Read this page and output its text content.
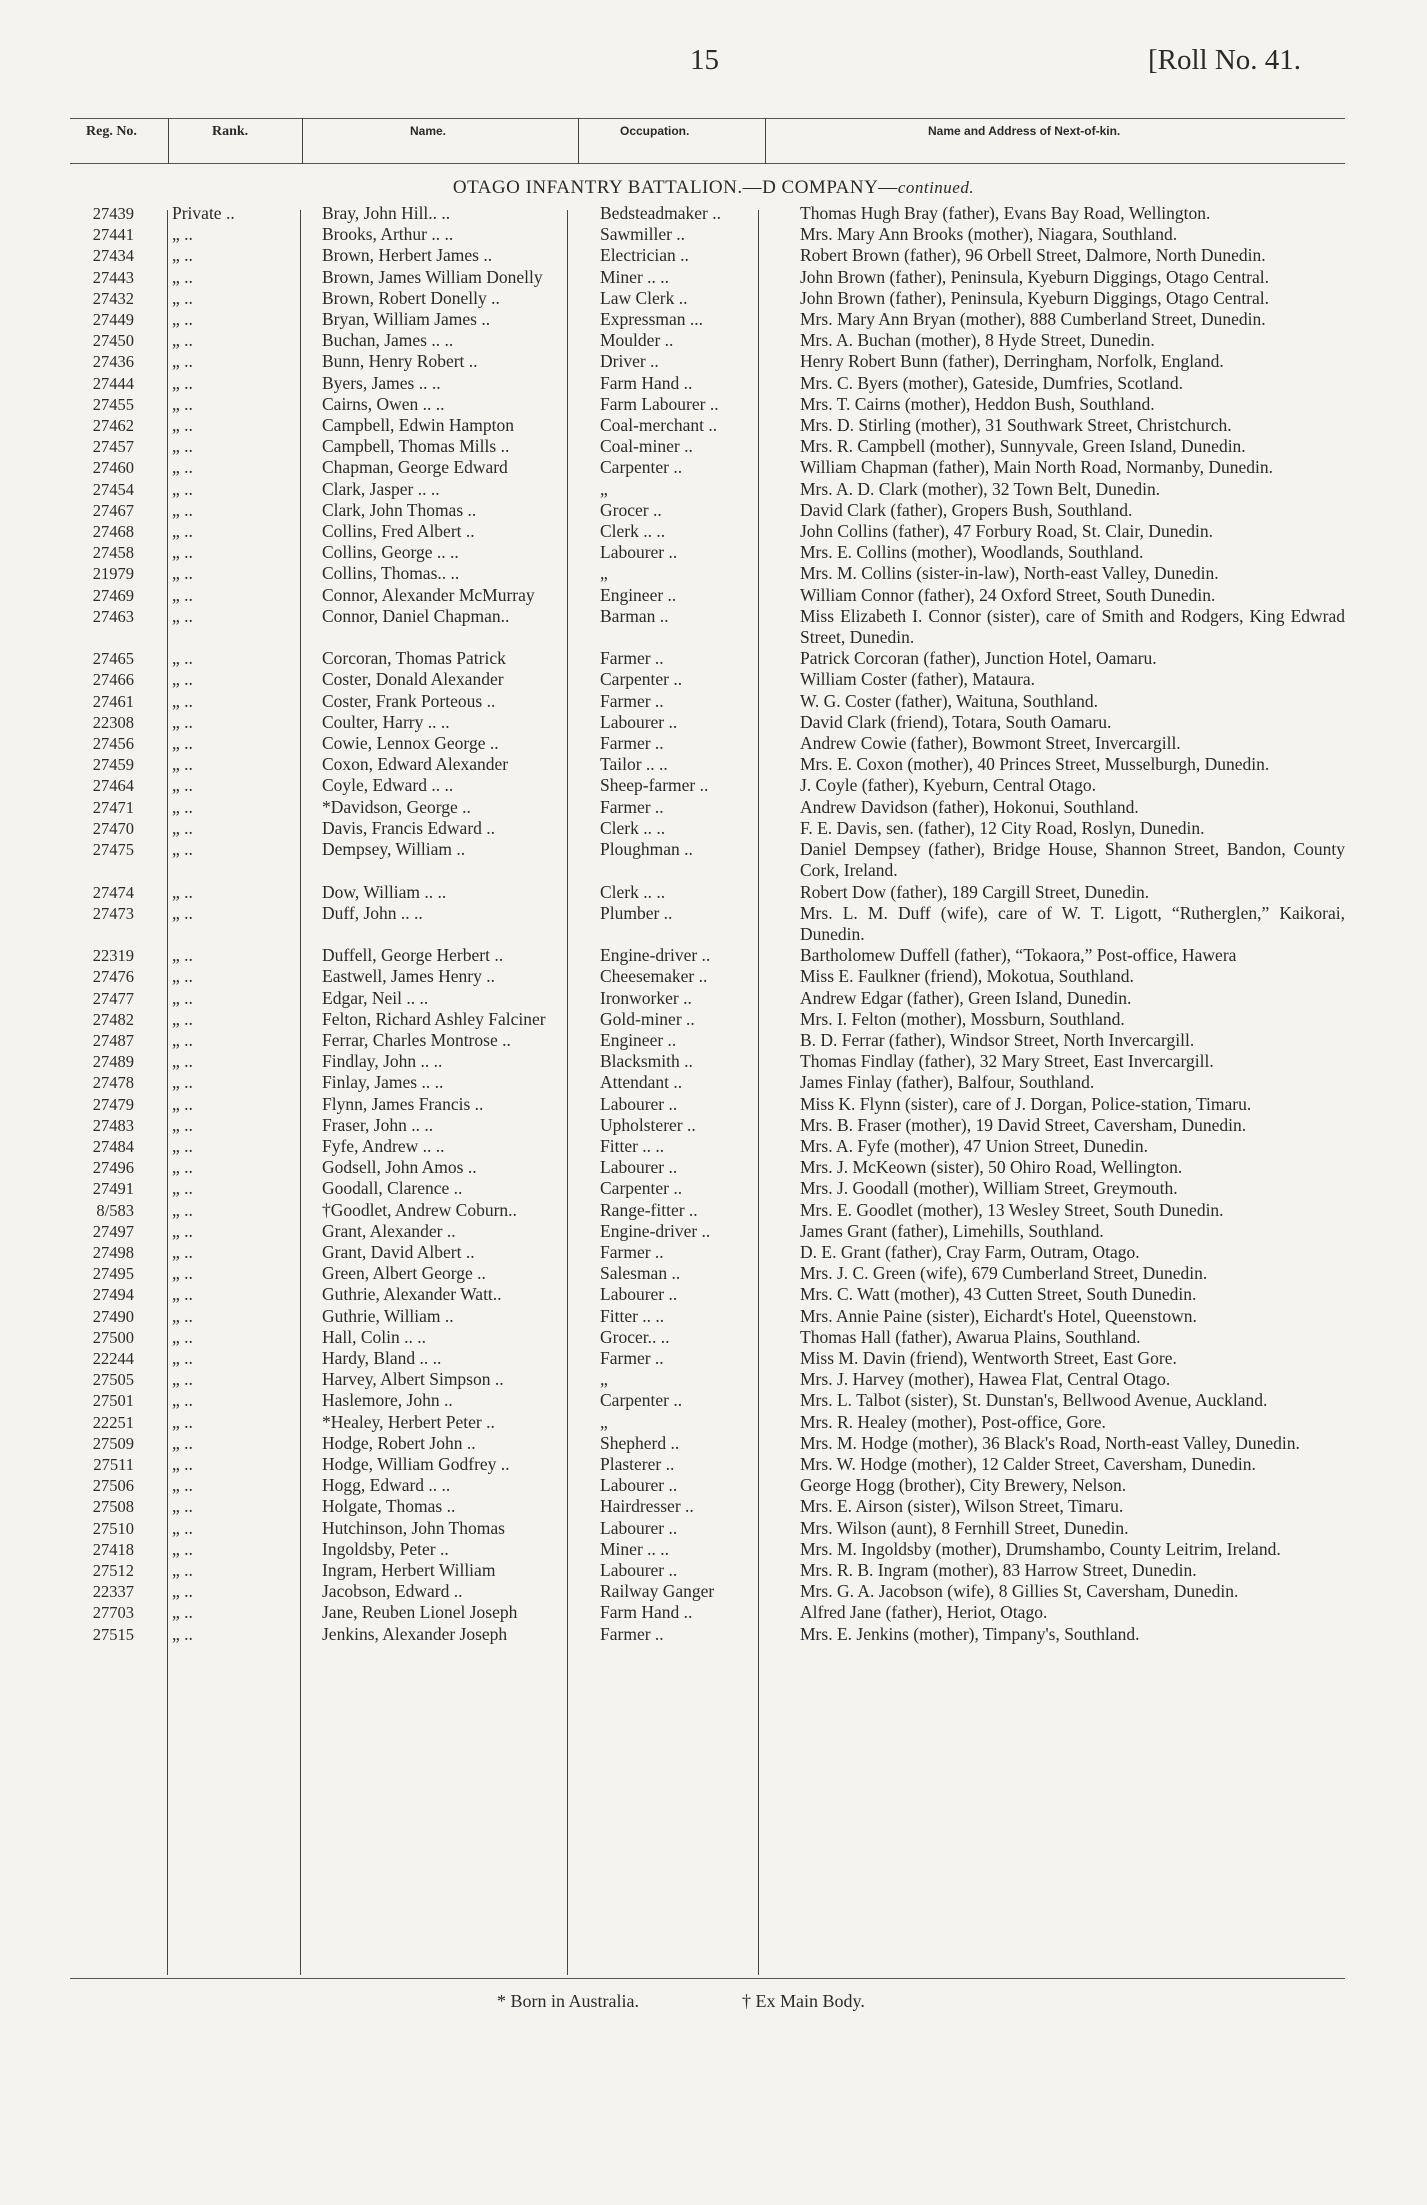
15	[Roll No. 41.
Reg. No.	Rank.	Name.	Occupation.	Name and Address of Next-of-kin.
OTAGO INFANTRY BATTALION.—D COMPANY—continued.
27439	Private ..	Bray, John Hill.. ..	Bedsteadmaker ..	Thomas Hugh Bray (father), Evans Bay Road, Wellington.
27441	„ ..	Brooks, Arthur .. ..	Sawmiller ..	Mrs. Mary Ann Brooks (mother), Niagara, Southland.
27434	„ ..	Brown, Herbert James ..	Electrician ..	Robert Brown (father), 96 Orbell Street, Dalmore, North Dunedin.
27443	„ ..	Brown, James William Donelly	Miner .. ..	John Brown (father), Peninsula, Kyeburn Diggings, Otago Central.
27432	„ ..	Brown, Robert Donelly ..	Law Clerk ..	John Brown (father), Peninsula, Kyeburn Diggings, Otago Central.
27449	„ ..	Bryan, William James ..	Expressman ...	Mrs. Mary Ann Bryan (mother), 888 Cumberland Street, Dunedin.
27450	„ ..	Buchan, James .. ..	Moulder ..	Mrs. A. Buchan (mother), 8 Hyde Street, Dunedin.
27436	„ ..	Bunn, Henry Robert ..	Driver ..	Henry Robert Bunn (father), Derringham, Norfolk, England.
27444	„ ..	Byers, James .. ..	Farm Hand ..	Mrs. C. Byers (mother), Gateside, Dumfries, Scotland.
27455	„ ..	Cairns, Owen .. ..	Farm Labourer ..	Mrs. T. Cairns (mother), Heddon Bush, Southland.
27462	„ ..	Campbell, Edwin Hampton	Coal-merchant ..	Mrs. D. Stirling (mother), 31 Southwark Street, Christchurch.
27457	„ ..	Campbell, Thomas Mills ..	Coal-miner ..	Mrs. R. Campbell (mother), Sunnyvale, Green Island, Dunedin.
27460	„ ..	Chapman, George Edward	Carpenter ..	William Chapman (father), Main North Road, Normanby, Dunedin.
27454	„ ..	Clark, Jasper .. ..	„	Mrs. A. D. Clark (mother), 32 Town Belt, Dunedin.
27467	„ ..	Clark, John Thomas ..	Grocer ..	David Clark (father), Gropers Bush, Southland.
27468	„ ..	Collins, Fred Albert ..	Clerk .. ..	John Collins (father), 47 Forbury Road, St. Clair, Dunedin.
27458	„ ..	Collins, George .. ..	Labourer ..	Mrs. E. Collins (mother), Woodlands, Southland.
21979	„ ..	Collins, Thomas.. ..	„	Mrs. M. Collins (sister-in-law), North-east Valley, Dunedin.
27469	„ ..	Connor, Alexander McMurray	Engineer ..	William Connor (father), 24 Oxford Street, South Dunedin.
27463	„ ..	Connor, Daniel Chapman..	Barman ..	Miss Elizabeth I. Connor (sister), care of Smith and Rodgers, King Edwrad Street, Dunedin.
27465	„ ..	Corcoran, Thomas Patrick	Farmer ..	Patrick Corcoran (father), Junction Hotel, Oamaru.
27466	„ ..	Coster, Donald Alexander	Carpenter ..	William Coster (father), Mataura.
27461	„ ..	Coster, Frank Porteous ..	Farmer ..	W. G. Coster (father), Waituna, Southland.
22308	„ ..	Coulter, Harry .. ..	Labourer ..	David Clark (friend), Totara, South Oamaru.
27456	„ ..	Cowie, Lennox George ..	Farmer ..	Andrew Cowie (father), Bowmont Street, Invercargill.
27459	„ ..	Coxon, Edward Alexander	Tailor .. ..	Mrs. E. Coxon (mother), 40 Princes Street, Musselburgh, Dunedin.
27464	„ ..	Coyle, Edward .. ..	Sheep-farmer ..	J. Coyle (father), Kyeburn, Central Otago.
27471	„ ..	*Davidson, George ..	Farmer ..	Andrew Davidson (father), Hokonui, Southland.
27470	„ ..	Davis, Francis Edward ..	Clerk .. ..	F. E. Davis, sen. (father), 12 City Road, Roslyn, Dunedin.
27475	„ ..	Dempsey, William ..	Ploughman ..	Daniel Dempsey (father), Bridge House, Shannon Street, Bandon, County Cork, Ireland.
27474	„ ..	Dow, William .. ..	Clerk .. ..	Robert Dow (father), 189 Cargill Street, Dunedin.
27473	„ ..	Duff, John .. ..	Plumber ..	Mrs. L. M. Duff (wife), care of W. T. Ligott, “Rutherglen,” Kaikorai, Dunedin.
22319	„ ..	Duffell, George Herbert ..	Engine-driver ..	Bartholomew Duffell (father), “Tokaora,” Post-office, Hawera
27476	„ ..	Eastwell, James Henry ..	Cheesemaker ..	Miss E. Faulkner (friend), Mokotua, Southland.
27477	„ ..	Edgar, Neil .. ..	Ironworker ..	Andrew Edgar (father), Green Island, Dunedin.
27482	„ ..	Felton, Richard Ashley Falciner	Gold-miner ..	Mrs. I. Felton (mother), Mossburn, Southland.
27487	„ ..	Ferrar, Charles Montrose ..	Engineer ..	B. D. Ferrar (father), Windsor Street, North Invercargill.
27489	„ ..	Findlay, John .. ..	Blacksmith ..	Thomas Findlay (father), 32 Mary Street, East Invercargill.
27478	„ ..	Finlay, James .. ..	Attendant ..	James Finlay (father), Balfour, Southland.
27479	„ ..	Flynn, James Francis ..	Labourer ..	Miss K. Flynn (sister), care of J. Dorgan, Police-station, Timaru.
27483	„ ..	Fraser, John .. ..	Upholsterer ..	Mrs. B. Fraser (mother), 19 David Street, Caversham, Dunedin.
27484	„ ..	Fyfe, Andrew .. ..	Fitter .. ..	Mrs. A. Fyfe (mother), 47 Union Street, Dunedin.
27496	„ ..	Godsell, John Amos ..	Labourer ..	Mrs. J. McKeown (sister), 50 Ohiro Road, Wellington.
27491	„ ..	Goodall, Clarence ..	Carpenter ..	Mrs. J. Goodall (mother), William Street, Greymouth.
8/583	„ ..	†Goodlet, Andrew Coburn..	Range-fitter ..	Mrs. E. Goodlet (mother), 13 Wesley Street, South Dunedin.
27497	„ ..	Grant, Alexander ..	Engine-driver ..	James Grant (father), Limehills, Southland.
27498	„ ..	Grant, David Albert ..	Farmer ..	D. E. Grant (father), Cray Farm, Outram, Otago.
27495	„ ..	Green, Albert George ..	Salesman ..	Mrs. J. C. Green (wife), 679 Cumberland Street, Dunedin.
27494	„ ..	Guthrie, Alexander Watt..	Labourer ..	Mrs. C. Watt (mother), 43 Cutten Street, South Dunedin.
27490	„ ..	Guthrie, William ..	Fitter .. ..	Mrs. Annie Paine (sister), Eichardt's Hotel, Queenstown.
27500	„ ..	Hall, Colin .. ..	Grocer.. ..	Thomas Hall (father), Awarua Plains, Southland.
22244	„ ..	Hardy, Bland .. ..	Farmer ..	Miss M. Davin (friend), Wentworth Street, East Gore.
27505	„ ..	Harvey, Albert Simpson ..	„	Mrs. J. Harvey (mother), Hawea Flat, Central Otago.
27501	„ ..	Haslemore, John ..	Carpenter ..	Mrs. L. Talbot (sister), St. Dunstan's, Bellwood Avenue, Auckland.
22251	„ ..	*Healey, Herbert Peter ..	„	Mrs. R. Healey (mother), Post-office, Gore.
27509	„ ..	Hodge, Robert John ..	Shepherd ..	Mrs. M. Hodge (mother), 36 Black's Road, North-east Valley, Dunedin.
27511	„ ..	Hodge, William Godfrey ..	Plasterer ..	Mrs. W. Hodge (mother), 12 Calder Street, Caversham, Dunedin.
27506	„ ..	Hogg, Edward .. ..	Labourer ..	George Hogg (brother), City Brewery, Nelson.
27508	„ ..	Holgate, Thomas ..	Hairdresser ..	Mrs. E. Airson (sister), Wilson Street, Timaru.
27510	„ ..	Hutchinson, John Thomas	Labourer ..	Mrs. Wilson (aunt), 8 Fernhill Street, Dunedin.
27418	„ ..	Ingoldsby, Peter ..	Miner .. ..	Mrs. M. Ingoldsby (mother), Drumshambo, County Leitrim, Ireland.
27512	„ ..	Ingram, Herbert William	Labourer ..	Mrs. R. B. Ingram (mother), 83 Harrow Street, Dunedin.
22337	„ ..	Jacobson, Edward ..	Railway Ganger	Mrs. G. A. Jacobson (wife), 8 Gillies St, Caversham, Dunedin.
27703	„ ..	Jane, Reuben Lionel Joseph	Farm Hand ..	Alfred Jane (father), Heriot, Otago.
27515	„ ..	Jenkins, Alexander Joseph	Farmer ..	Mrs. E. Jenkins (mother), Timpany's, Southland.
* Born in Australia.	† Ex Main Body.
